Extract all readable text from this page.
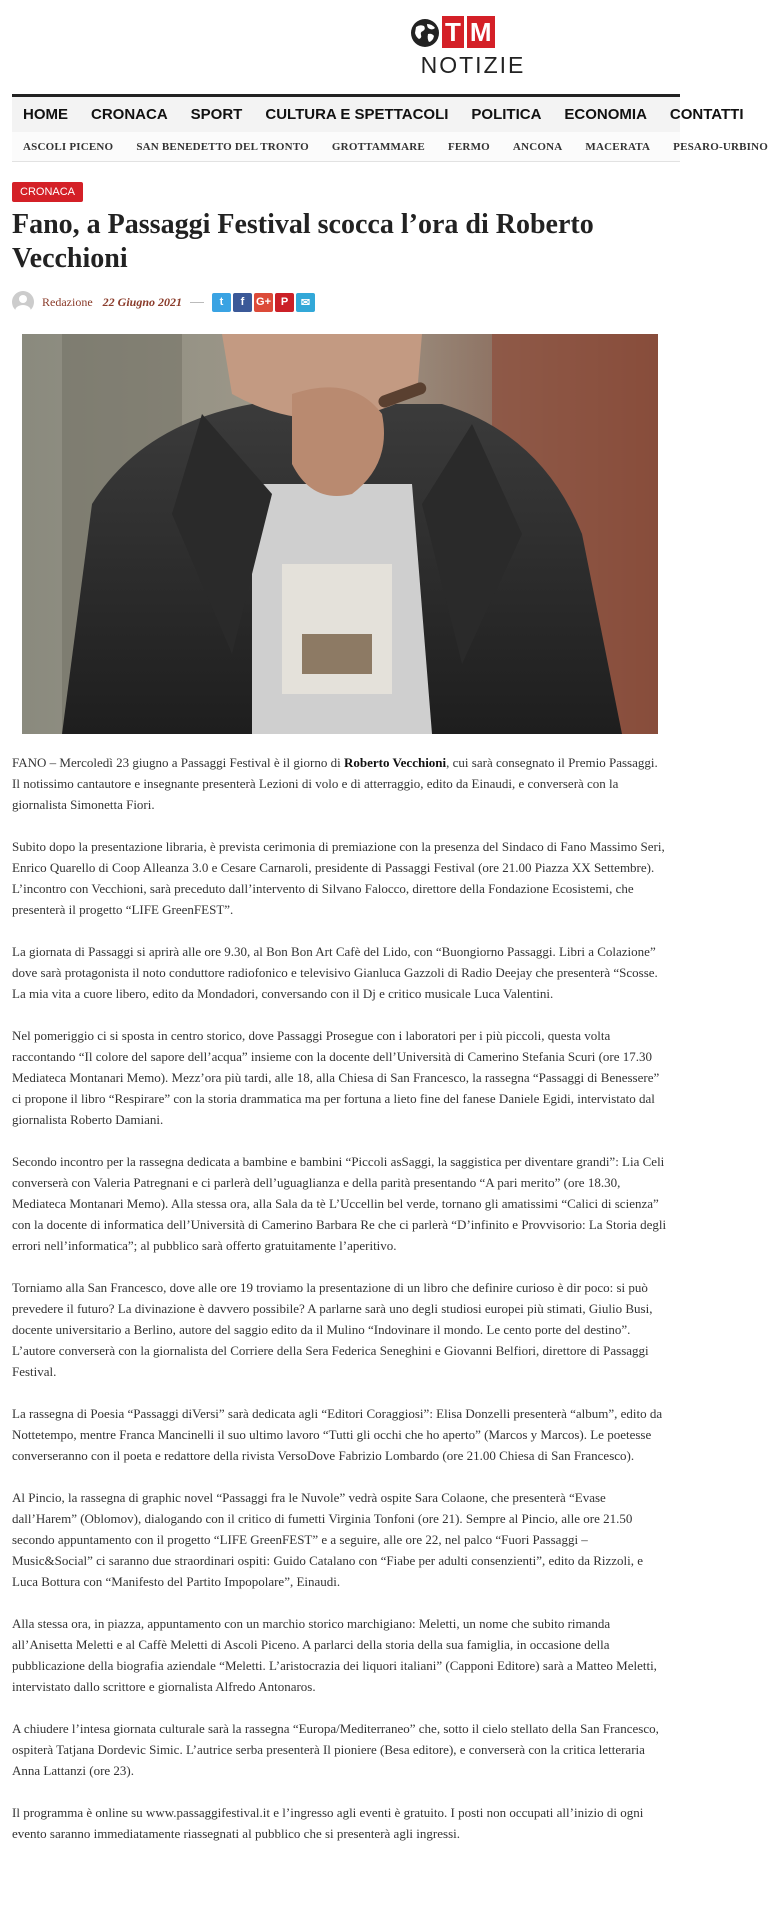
T M
NOTIZIE
HOME CRONACA SPORT CULTURA E SPETTACOLI POLITICA ECONOMIA CONTATTI
ASCOLI PICENO SAN BENEDETTO DEL TRONTO GROTTAMMARE FERMO ANCONA MACERATA PESARO-URBINO
CRONACA
Fano, a Passaggi Festival scocca l’ora di Roberto Vecchioni
Redazione 22 Giugno 2021	t	f	G+ P	✉

FANO – Mercoledì 23 giugno a Passaggi Festival è il giorno di Roberto Vecchioni, cui sarà consegnato il Premio Passaggi. Il notissimo cantautore e insegnante presenterà Lezioni di volo e di atterraggio, edito da Einaudi, e converserà con la giornalista Simonetta Fiori.

Subito dopo la presentazione libraria, è prevista cerimonia di premiazione con la presenza del Sindaco di Fano Massimo Seri, Enrico Quarello di Coop Alleanza 3.0 e Cesare Carnaroli, presidente di Passaggi Festival (ore 21.00 Piazza XX Settembre). L’incontro con Vecchioni, sarà preceduto dall’intervento di Silvano Falocco, direttore della Fondazione Ecosistemi, che presenterà il progetto “LIFE GreenFEST”.

La giornata di Passaggi si aprirà alle ore 9.30, al Bon Bon Art Cafè del Lido, con “Buongiorno Passaggi. Libri a Colazione” dove sarà protagonista il noto conduttore radiofonico e televisivo Gianluca Gazzoli di Radio Deejay che presenterà “Scosse. La mia vita a cuore libero, edito da Mondadori, conversando con il Dj e critico musicale Luca Valentini.

Nel pomeriggio ci si sposta in centro storico, dove Passaggi Prosegue con i laboratori per i più piccoli, questa volta raccontando “Il colore del sapore dell’acqua” insieme con la docente dell’Università di Camerino Stefania Scuri (ore 17.30 Mediateca Montanari Memo). Mezz’ora più tardi, alle 18, alla Chiesa di San Francesco, la rassegna “Passaggi di Benessere” ci propone il libro “Respirare” con la storia drammatica ma per fortuna a lieto fine del fanese Daniele Egidi, intervistato dal giornalista Roberto Damiani.

Secondo incontro per la rassegna dedicata a bambine e bambini “Piccoli asSaggi, la saggistica per diventare grandi”: Lia Celi converserà con Valeria Patregnani e ci parlerà dell’uguaglianza e della parità presentando “A pari merito” (ore 18.30, Mediateca Montanari Memo). Alla stessa ora, alla Sala da tè L’Uccellin bel verde, tornano gli amatissimi “Calici di scienza” con la docente di informatica dell’Università di Camerino Barbara Re che ci parlerà “D’infinito e Provvisorio: La Storia degli errori nell’informatica”; al pubblico sarà offerto gratuitamente l’aperitivo.

Torniamo alla San Francesco, dove alle ore 19 troviamo la presentazione di un libro che definire curioso è dir poco: si può prevedere il futuro? La divinazione è davvero possibile? A parlarne sarà uno degli studiosi europei più stimati, Giulio Busi, docente universitario a Berlino, autore del saggio edito da il Mulino “Indovinare il mondo. Le cento porte del destino”. L’autore converserà con la giornalista del Corriere della Sera Federica Seneghini e Giovanni Belfiori, direttore di Passaggi Festival.

La rassegna di Poesia “Passaggi diVersi” sarà dedicata agli “Editori Coraggiosi”: Elisa Donzelli presenterà “album”, edito da Nottetempo, mentre Franca Mancinelli il suo ultimo lavoro “Tutti gli occhi che ho aperto” (Marcos y Marcos). Le poetesse converseranno con il poeta e redattore della rivista VersoDove Fabrizio Lombardo (ore 21.00 Chiesa di San Francesco).

Al Pincio, la rassegna di graphic novel “Passaggi fra le Nuvole” vedrà ospite Sara Colaone, che presenterà “Evase dall’Harem” (Oblomov), dialogando con il critico di fumetti Virginia Tonfoni (ore 21). Sempre al Pincio, alle ore 21.50 secondo appuntamento con il progetto “LIFE GreenFEST” e a seguire, alle ore 22, nel palco “Fuori Passaggi – Music&Social” ci saranno due straordinari ospiti: Guido Catalano con “Fiabe per adulti consenzienti”, edito da Rizzoli, e Luca Bottura con “Manifesto del Partito Impopolare”, Einaudi.

Alla stessa ora, in piazza, appuntamento con un marchio storico marchigiano: Meletti, un nome che subito rimanda all’Anisetta Meletti e al Caffè Meletti di Ascoli Piceno. A parlarci della storia della sua famiglia, in occasione della pubblicazione della biografia aziendale “Meletti. L’aristocrazia dei liquori italiani” (Capponi Editore) sarà a Matteo Meletti, intervistato dallo scrittore e giornalista Alfredo Antonaros.

A chiudere l’intesa giornata culturale sarà la rassegna “Europa/Mediterraneo” che, sotto il cielo stellato della San Francesco, ospiterà Tatjana Dordevic Simic. L’autrice serba presenterà Il pioniere (Besa editore), e converserà con la critica letteraria Anna Lattanzi (ore 23).

Il programma è online su www.passaggifestival.it e l’ingresso agli eventi è gratuito. I posti non occupati all’inizio di ogni evento saranno immediatamente riassegnati al pubblico che si presenterà agli ingressi.
